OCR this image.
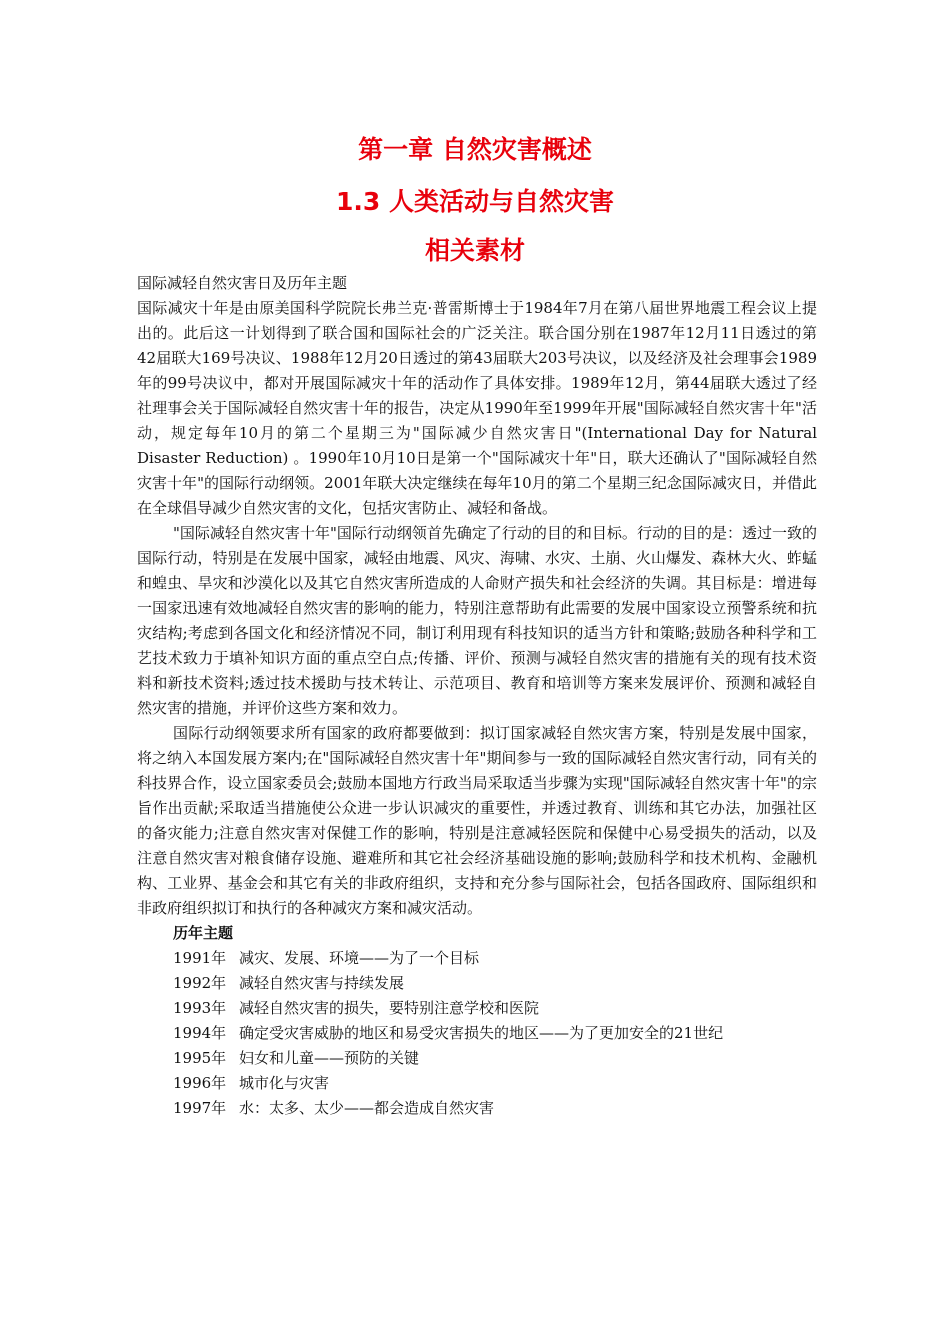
第一章 自然灾害概述
1.3 人类活动与自然灾害
相关素材

国际减轻自然灾害日及历年主题

国际减灾十年是由原美国科学院院长弗兰克·普雷斯博士于1984年7月在第八届世界地震工程会议上提出的。此后这一计划得到了联合国和国际社会的广泛关注。联合国分别在1987年12月11日透过的第42届联大169号决议、1988年12月20日透过的第43届联大203号决议，以及经济及社会理事会1989年的99号决议中，都对开展国际减灾十年的活动作了具体安排。1989年12月，第44届联大透过了经社理事会关于国际减轻自然灾害十年的报告，决定从1990年至1999年开展"国际减轻自然灾害十年"活动，规定每年10月的第二个星期三为"国际减少自然灾害日"(International Day for Natural Disaster Reduction) 。1990年10月10日是第一个"国际减灾十年"日，联大还确认了"国际减轻自然灾害十年"的国际行动纲领。2001年联大决定继续在每年10月的第二个星期三纪念国际减灾日，并借此在全球倡导减少自然灾害的文化，包括灾害防止、减轻和备战。

"国际减轻自然灾害十年"国际行动纲领首先确定了行动的目的和目标。行动的目的是：透过一致的国际行动，特别是在发展中国家，减轻由地震、风灾、海啸、水灾、土崩、火山爆发、森林大火、蚱蜢和蝗虫、旱灾和沙漠化以及其它自然灾害所造成的人命财产损失和社会经济的失调。其目标是：增进每一国家迅速有效地减轻自然灾害的影响的能力，特别注意帮助有此需要的发展中国家设立预警系统和抗灾结构;考虑到各国文化和经济情况不同，制订利用现有科技知识的适当方针和策略;鼓励各种科学和工艺技术致力于填补知识方面的重点空白点;传播、评价、预测与减轻自然灾害的措施有关的现有技术资料和新技术资料;透过技术援助与技术转让、示范项目、教育和培训等方案来发展评价、预测和减轻自然灾害的措施，并评价这些方案和效力。

国际行动纲领要求所有国家的政府都要做到：拟订国家减轻自然灾害方案，特别是发展中国家，将之纳入本国发展方案内;在"国际减轻自然灾害十年"期间参与一致的国际减轻自然灾害行动，同有关的科技界合作，设立国家委员会;鼓励本国地方行政当局采取适当步骤为实现"国际减轻自然灾害十年"的宗旨作出贡献;采取适当措施使公众进一步认识减灾的重要性，并透过教育、训练和其它办法，加强社区的备灾能力;注意自然灾害对保健工作的影响，特别是注意减轻医院和保健中心易受损失的活动，以及注意自然灾害对粮食储存设施、避难所和其它社会经济基础设施的影响;鼓励科学和技术机构、金融机构、工业界、基金会和其它有关的非政府组织，支持和充分参与国际社会，包括各国政府、国际组织和非政府组织拟订和执行的各种减灾方案和减灾活动。

历年主题

1991年 减灾、发展、环境——为了一个目标

1992年 减轻自然灾害与持续发展

1993年 减轻自然灾害的损失，要特别注意学校和医院

1994年 确定受灾害威胁的地区和易受灾害损失的地区——为了更加安全的21世纪

1995年 妇女和儿童——预防的关键

1996年 城市化与灾害

1997年 水：太多、太少——都会造成自然灾害
